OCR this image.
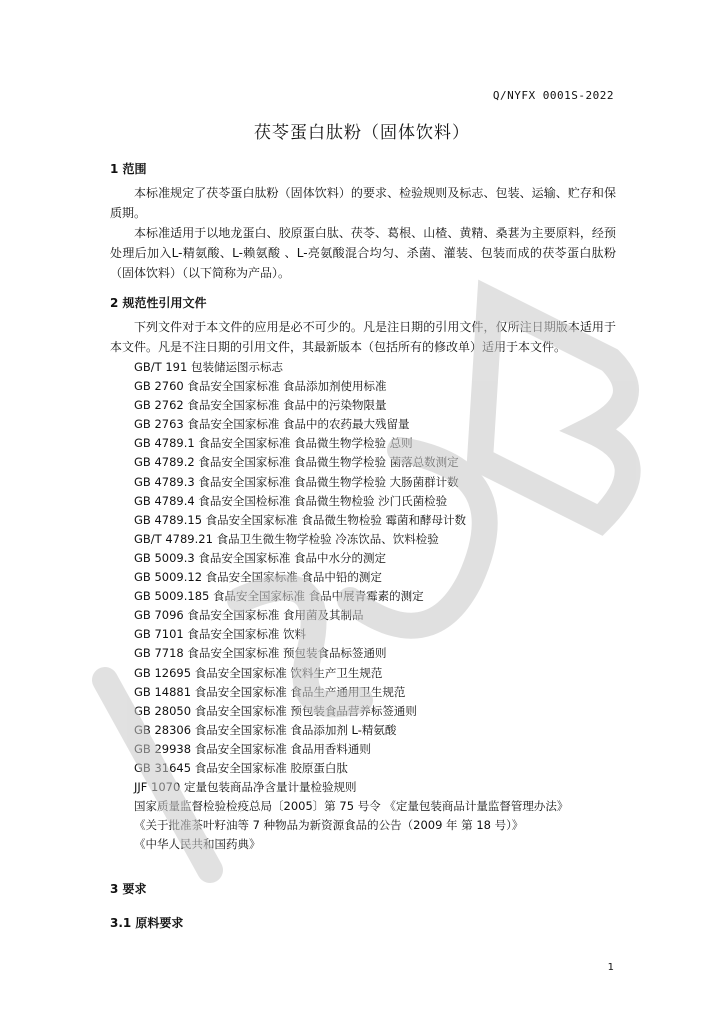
Q/NYFX 0001S-2022
茯苓蛋白肽粉（固体饮料）
1 范围
本标准规定了茯苓蛋白肽粉（固体饮料）的要求、检验规则及标志、包装、运输、贮存和保质期。
本标准适用于以地龙蛋白、胶原蛋白肽、茯苓、葛根、山楂、黄精、桑葚为主要原料，经预处理后加入L-精氨酸、L-赖氨酸 、L-亮氨酸混合均匀、杀菌、灌装、包装而成的茯苓蛋白肽粉（固体饮料）（以下简称为产品）。
2 规范性引用文件
下列文件对于本文件的应用是必不可少的。凡是注日期的引用文件，仅所注日期版本适用于本文件。凡是不注日期的引用文件，其最新版本（包括所有的修改单）适用于本文件。
GB/T 191 包装储运图示标志
GB 2760 食品安全国家标准 食品添加剂使用标准
GB 2762 食品安全国家标准 食品中的污染物限量
GB 2763 食品安全国家标准 食品中的农药最大残留量
GB 4789.1 食品安全国家标准 食品微生物学检验 总则
GB 4789.2 食品安全国家标准 食品微生物学检验 菌落总数测定
GB 4789.3 食品安全国家标准 食品微生物学检验 大肠菌群计数
GB 4789.4 食品安全国检标准 食品微生物检验 沙门氏菌检验
GB 4789.15 食品安全国家标准 食品微生物检验 霉菌和酵母计数
GB/T 4789.21 食品卫生微生物学检验 冷冻饮品、饮料检验
GB 5009.3 食品安全国家标准 食品中水分的测定
GB 5009.12 食品安全国家标准 食品中铅的测定
GB 5009.185 食品安全国家标准 食品中展青霉素的测定
GB 7096 食品安全国家标准 食用菌及其制品
GB 7101 食品安全国家标准 饮料
GB 7718 食品安全国家标准 预包装食品标签通则
GB 12695 食品安全国家标准 饮料生产卫生规范
GB 14881 食品安全国家标准 食品生产通用卫生规范
GB 28050 食品安全国家标准 预包装食品营养标签通则
GB 28306 食品安全国家标准 食品添加剂 L-精氨酸
GB 29938 食品安全国家标准 食品用香料通则
GB 31645 食品安全国家标准 胶原蛋白肽
JJF 1070 定量包装商品净含量计量检验规则
国家质量监督检验检疫总局〔2005〕第 75 号令 《定量包装商品计量监督管理办法》
《关于批准茶叶籽油等 7 种物品为新资源食品的公告（2009 年 第 18 号）》
《中华人民共和国药典》
3 要求
3.1 原料要求
1
